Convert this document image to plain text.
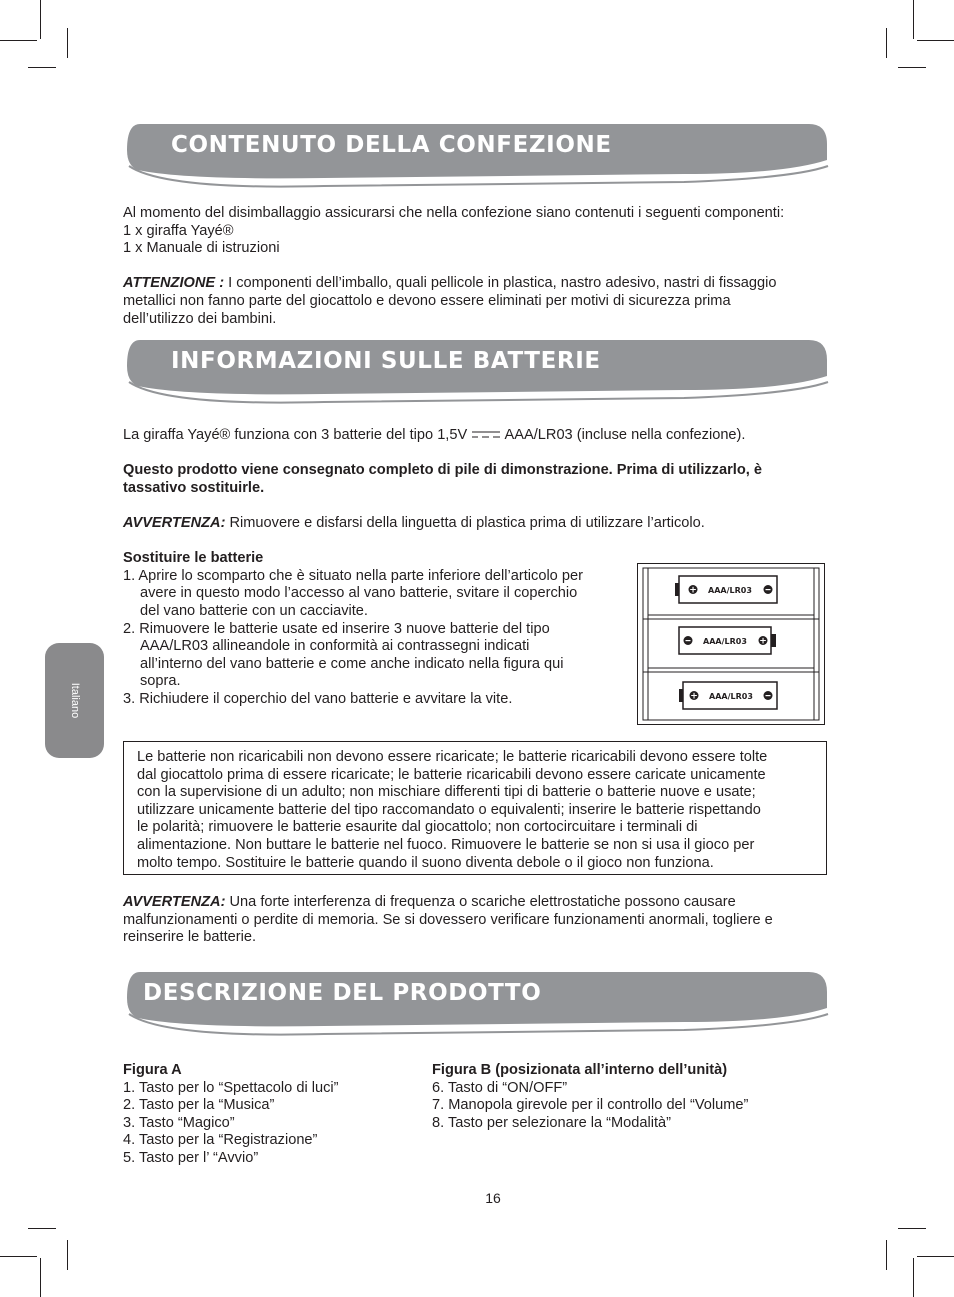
CONTENUTO DELLA CONFEZIONE

Al momento del disimballaggio assicurarsi che nella confezione siano contenuti i seguenti componenti:

1 x giraffa Yayé®

1 x Manuale di istruzioni

ATTENZIONE : I componenti dell’imballo, quali pellicole in plastica, nastro adesivo, nastri di fissaggio

metallici non fanno parte del giocattolo e devono essere eliminati per motivi di sicurezza prima

dell’utilizzo dei bambini.

INFORMAZIONI SULLE BATTERIE

La giraffa Yayé® funziona con 3 batterie del tipo 1,5V  AAA/LR03 (incluse nella confezione).

Questo prodotto viene consegnato completo di pile di dimonstrazione. Prima di utilizzarlo, è

tassativo sostituirle.

AVVERTENZA: Rimuovere e disfarsi della linguetta di plastica prima di utilizzare l’articolo.

Sostituire le batterie

1. Aprire lo scomparto che è situato nella parte inferiore dell’articolo per

avere in questo modo l’accesso al vano batterie, svitare il coperchio

del vano batterie con un cacciavite.

2. Rimuovere le batterie usate ed inserire 3 nuove batterie del tipo

AAA/LR03 allineandole in conformità ai contrassegni indicati

all’interno del vano batterie e come anche indicato nella figura qui

sopra.

3. Richiudere il coperchio del vano batterie e avvitare la vite.

+ AAA/LR03
+
AAA/LR03
+ AAA/LR03
Italiano

Le batterie non ricaricabili non devono essere ricaricate; le batterie ricaricabili devono essere tolte

dal giocattolo prima di essere ricaricate; le batterie ricaricabili devono essere caricate unicamente

con la supervisione di un adulto; non mischiare differenti tipi di batterie o batterie nuove e usate;

utilizzare unicamente batterie del tipo raccomandato o equivalenti; inserire le batterie rispettando

le polarità; rimuovere le batterie esaurite dal giocattolo; non cortocircuitare i terminali di

alimentazione. Non buttare le batterie nel fuoco. Rimuovere le batterie se non si usa il gioco per

molto tempo. Sostituire le batterie quando il suono diventa debole o il gioco non funziona.

AVVERTENZA: Una forte interferenza di frequenza o scariche elettrostatiche possono causare

malfunzionamenti o perdite di memoria. Se si dovessero verificare funzionamenti anormali, togliere e

reinserire le batterie.

DESCRIZIONE DEL PRODOTTO

Figura A

1. Tasto per lo “Spettacolo di luci”

2. Tasto per la “Musica”

3. Tasto “Magico”

4. Tasto per la “Registrazione”

5. Tasto per l’ “Avvio”

Figura B (posizionata all’interno dell’unità)

6. Tasto di “ON/OFF”

7. Manopola girevole per il controllo del “Volume”

8. Tasto per selezionare la “Modalità”

16
